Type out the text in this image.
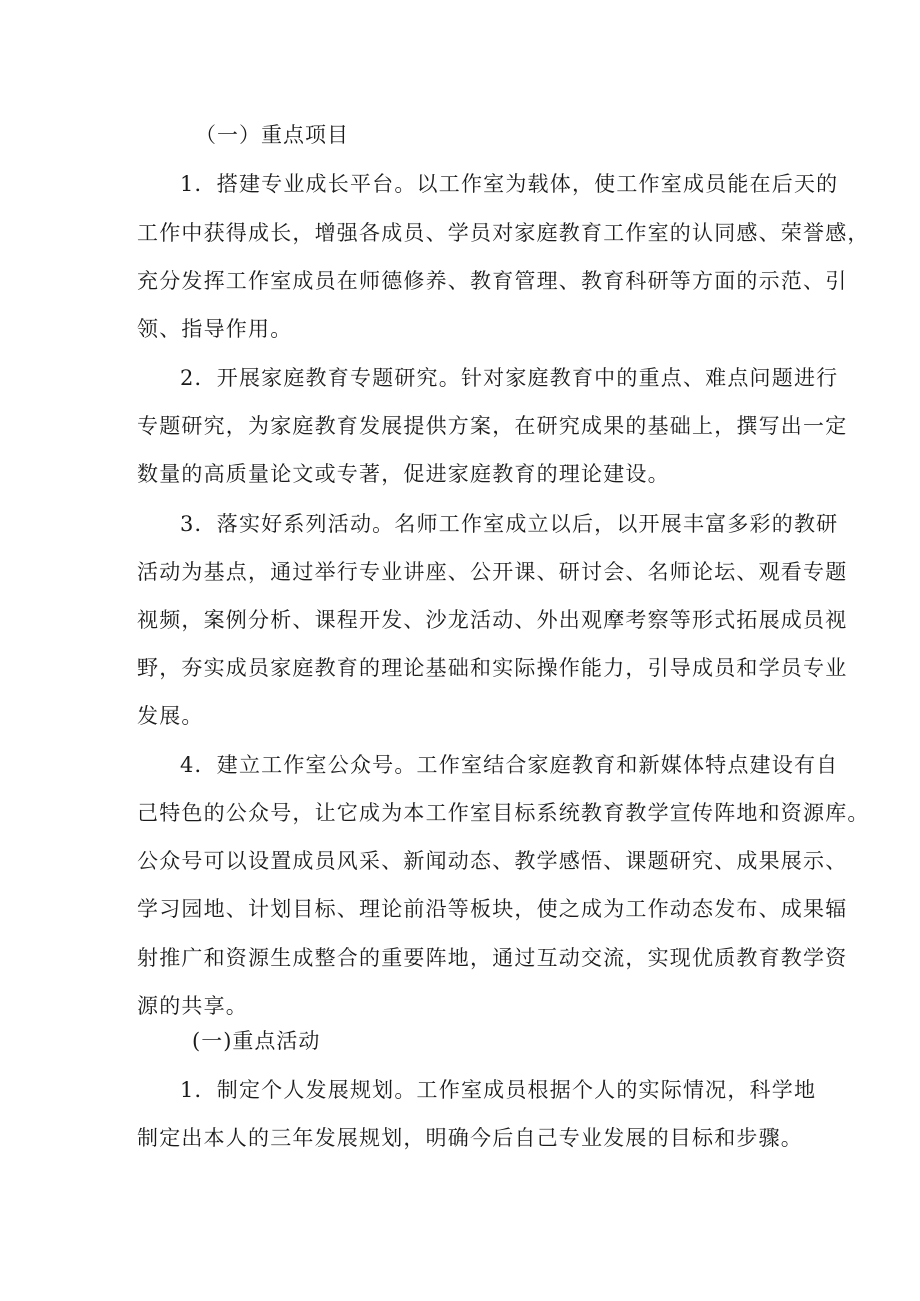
（一）重点项目
1．搭建专业成长平台。以工作室为载体，使工作室成员能在后天的
工作中获得成长，增强各成员、学员对家庭教育工作室的认同感、荣誉感，
充分发挥工作室成员在师德修养、教育管理、教育科研等方面的示范、引
领、指导作用。
2．开展家庭教育专题研究。针对家庭教育中的重点、难点问题进行
专题研究，为家庭教育发展提供方案，在研究成果的基础上，撰写出一定
数量的高质量论文或专著，促进家庭教育的理论建设。
3．落实好系列活动。名师工作室成立以后，以开展丰富多彩的教研
活动为基点，通过举行专业讲座、公开课、研讨会、名师论坛、观看专题
视频，案例分析、课程开发、沙龙活动、外出观摩考察等形式拓展成员视
野，夯实成员家庭教育的理论基础和实际操作能力，引导成员和学员专业
发展。
4．建立工作室公众号。工作室结合家庭教育和新媒体特点建设有自
己特色的公众号，让它成为本工作室目标系统教育教学宣传阵地和资源库。
公众号可以设置成员风采、新闻动态、教学感悟、课题研究、成果展示、
学习园地、计划目标、理论前沿等板块，使之成为工作动态发布、成果辐
射推广和资源生成整合的重要阵地，通过互动交流，实现优质教育教学资
源的共享。
(一)重点活动
1．制定个人发展规划。工作室成员根据个人的实际情况，科学地
制定出本人的三年发展规划，明确今后自己专业发展的目标和步骤。
